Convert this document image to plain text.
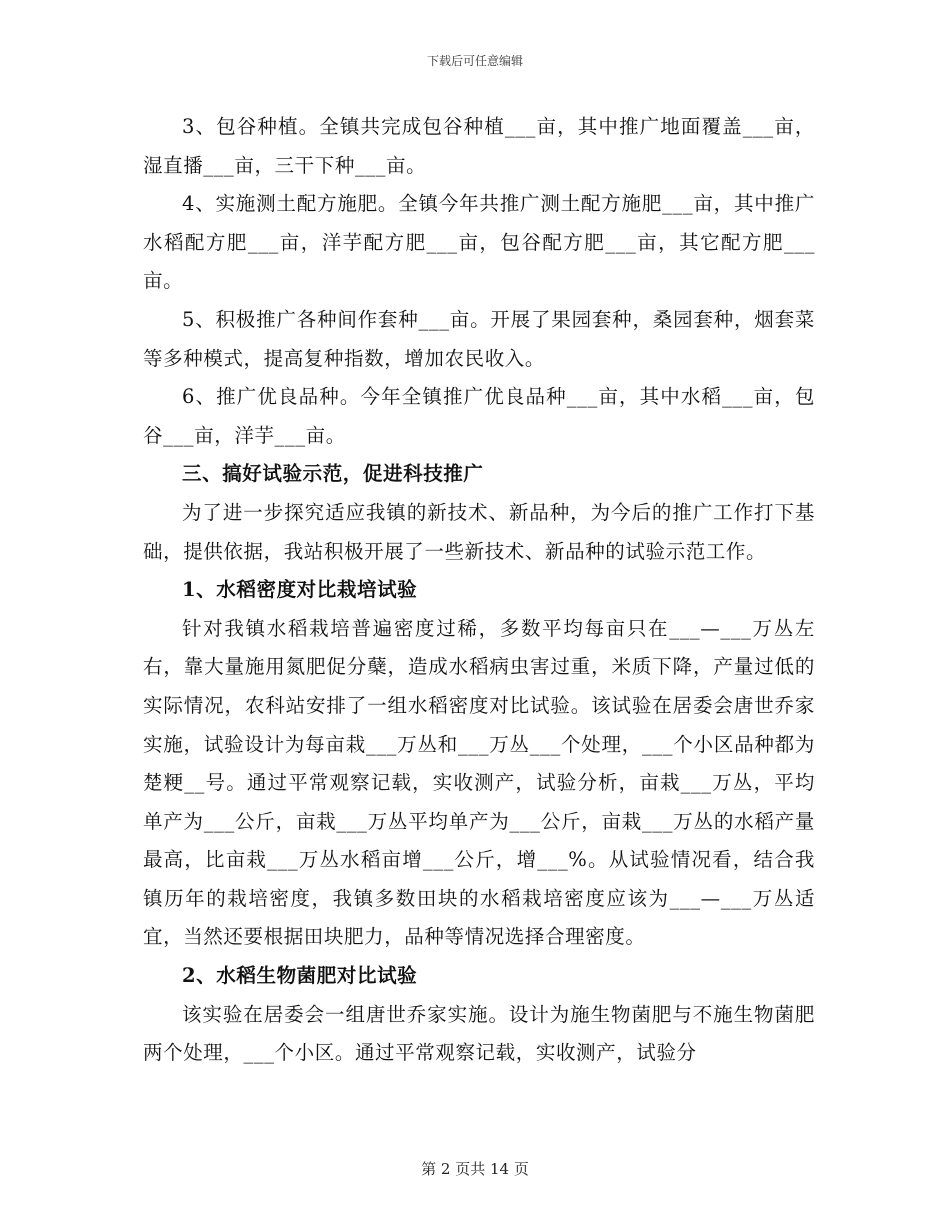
下载后可任意编辑

3、包谷种植。全镇共完成包谷种植___亩，其中推广地面覆盖___亩，湿直播___亩，三干下种___亩。

4、实施测土配方施肥。全镇今年共推广测土配方施肥___亩，其中推广水稻配方肥___亩，洋芋配方肥___亩，包谷配方肥___亩，其它配方肥___亩。

5、积极推广各种间作套种___亩。开展了果园套种，桑园套种，烟套菜等多种模式，提高复种指数，增加农民收入。

6、推广优良品种。今年全镇推广优良品种___亩，其中水稻___亩，包谷___亩，洋芋___亩。

三、搞好试验示范，促进科技推广

为了进一步探究适应我镇的新技术、新品种，为今后的推广工作打下基础，提供依据，我站积极开展了一些新技术、新品种的试验示范工作。

1、水稻密度对比栽培试验

针对我镇水稻栽培普遍密度过稀，多数平均每亩只在___—___万丛左右，靠大量施用氮肥促分蘖，造成水稻病虫害过重，米质下降，产量过低的实际情况，农科站安排了一组水稻密度对比试验。该试验在居委会唐世乔家实施，试验设计为每亩栽___万丛和___万丛___个处理，___个小区品种都为楚粳__号。通过平常观察记载，实收测产，试验分析，亩栽___万丛，平均单产为___公斤，亩栽___万丛平均单产为___公斤，亩栽___万丛的水稻产量最高，比亩栽___万丛水稻亩增___公斤，增___%。从试验情况看，结合我镇历年的栽培密度，我镇多数田块的水稻栽培密度应该为___—___万丛适宜，当然还要根据田块肥力，品种等情况选择合理密度。

2、水稻生物菌肥对比试验

该实验在居委会一组唐世乔家实施。设计为施生物菌肥与不施生物菌肥两个处理，___个小区。通过平常观察记载，实收测产，试验分

第 2 页共 14 页
